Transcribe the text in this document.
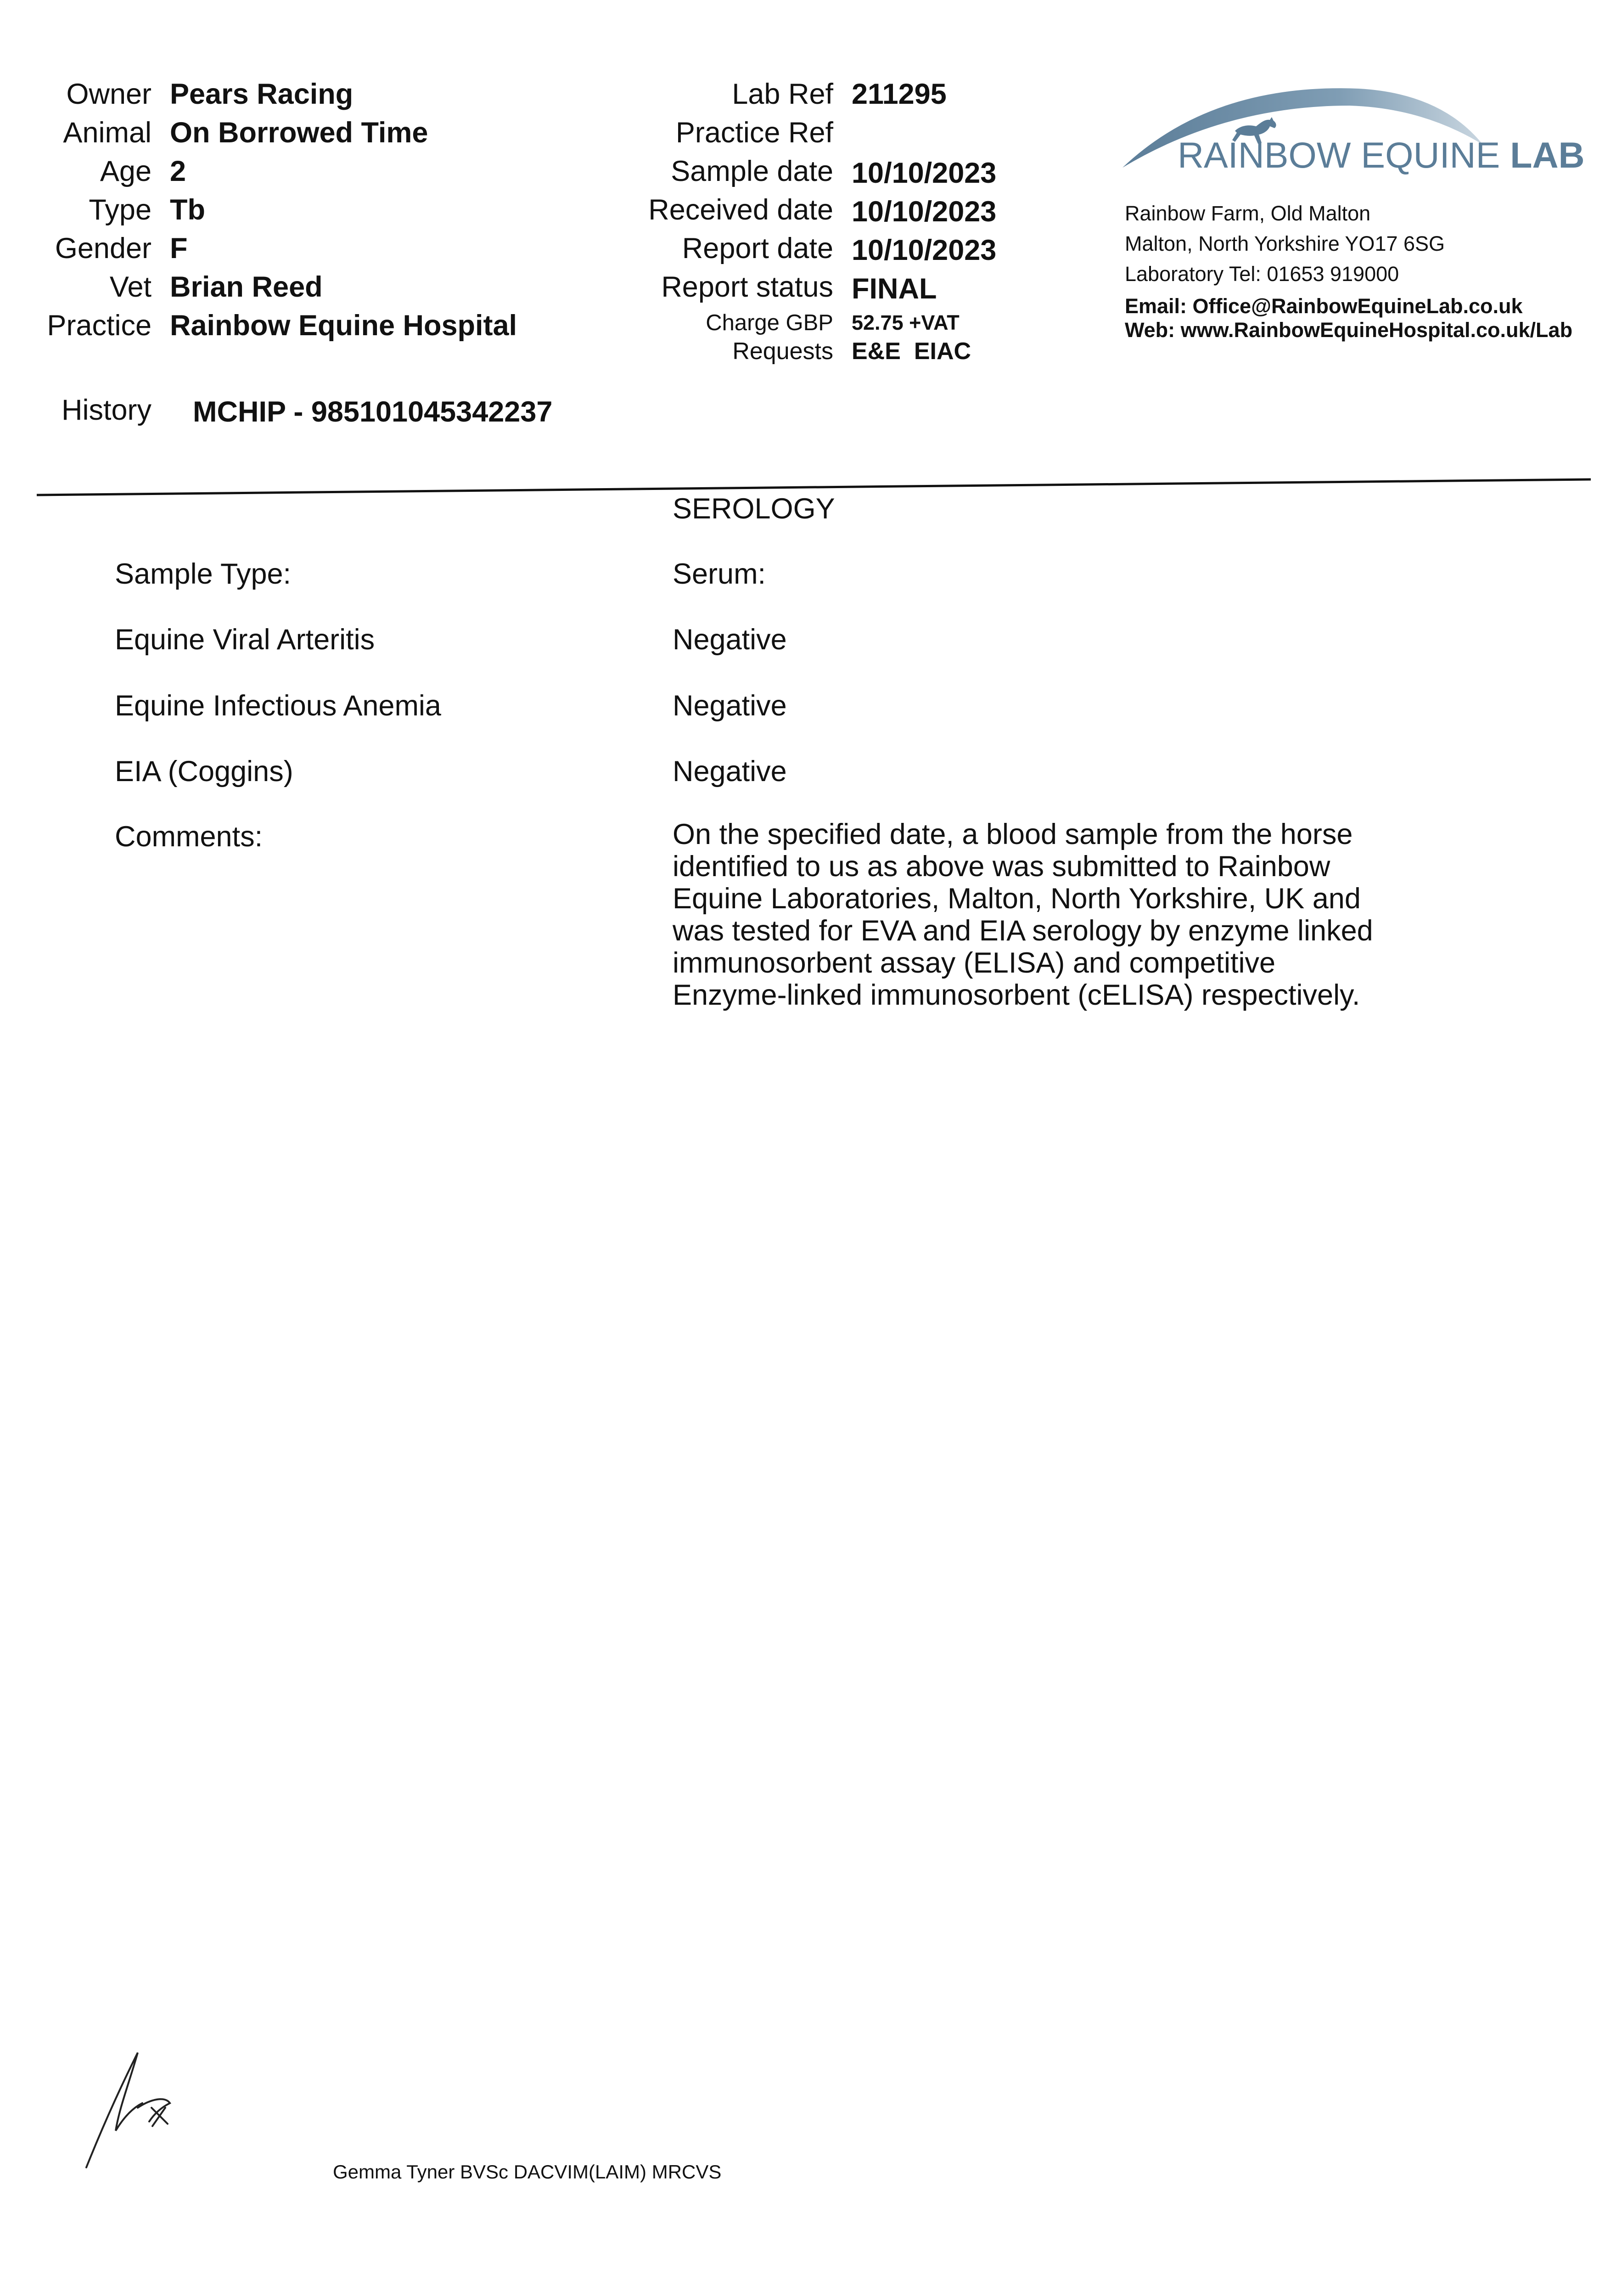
Owner Pears Racing
Animal On Borrowed Time
Age 2
Type Tb
Gender F
Vet Brian Reed
Practice Rainbow Equine Hospital
History MCHIP - 985101045342237
Lab Ref 211295
Practice Ref
Sample date 10/10/2023
Received date 10/10/2023
Report date 10/10/2023
Report status FINAL
Charge GBP 52.75 +VAT
Requests E&E  EIAC
RAINBOW EQUINE LAB
Rainbow Farm, Old Malton
Malton, North Yorkshire YO17 6SG
Laboratory Tel: 01653 919000
Email: Office@RainbowEquineLab.co.uk
Web: www.RainbowEquineHospital.co.uk/Lab
SEROLOGY
Sample Type:	Serum:
Equine Viral Arteritis	Negative
Equine Infectious Anemia	Negative
EIA (Coggins)	Negative
Comments:	On the specified date, a blood sample from the horse
identified to us as above was submitted to Rainbow
Equine Laboratories, Malton, North Yorkshire, UK and
was tested for EVA and EIA serology by enzyme linked
immunosorbent assay (ELISA) and competitive
Enzyme-linked immunosorbent (cELISA) respectively.
Gemma Tyner BVSc DACVIM(LAIM) MRCVS
